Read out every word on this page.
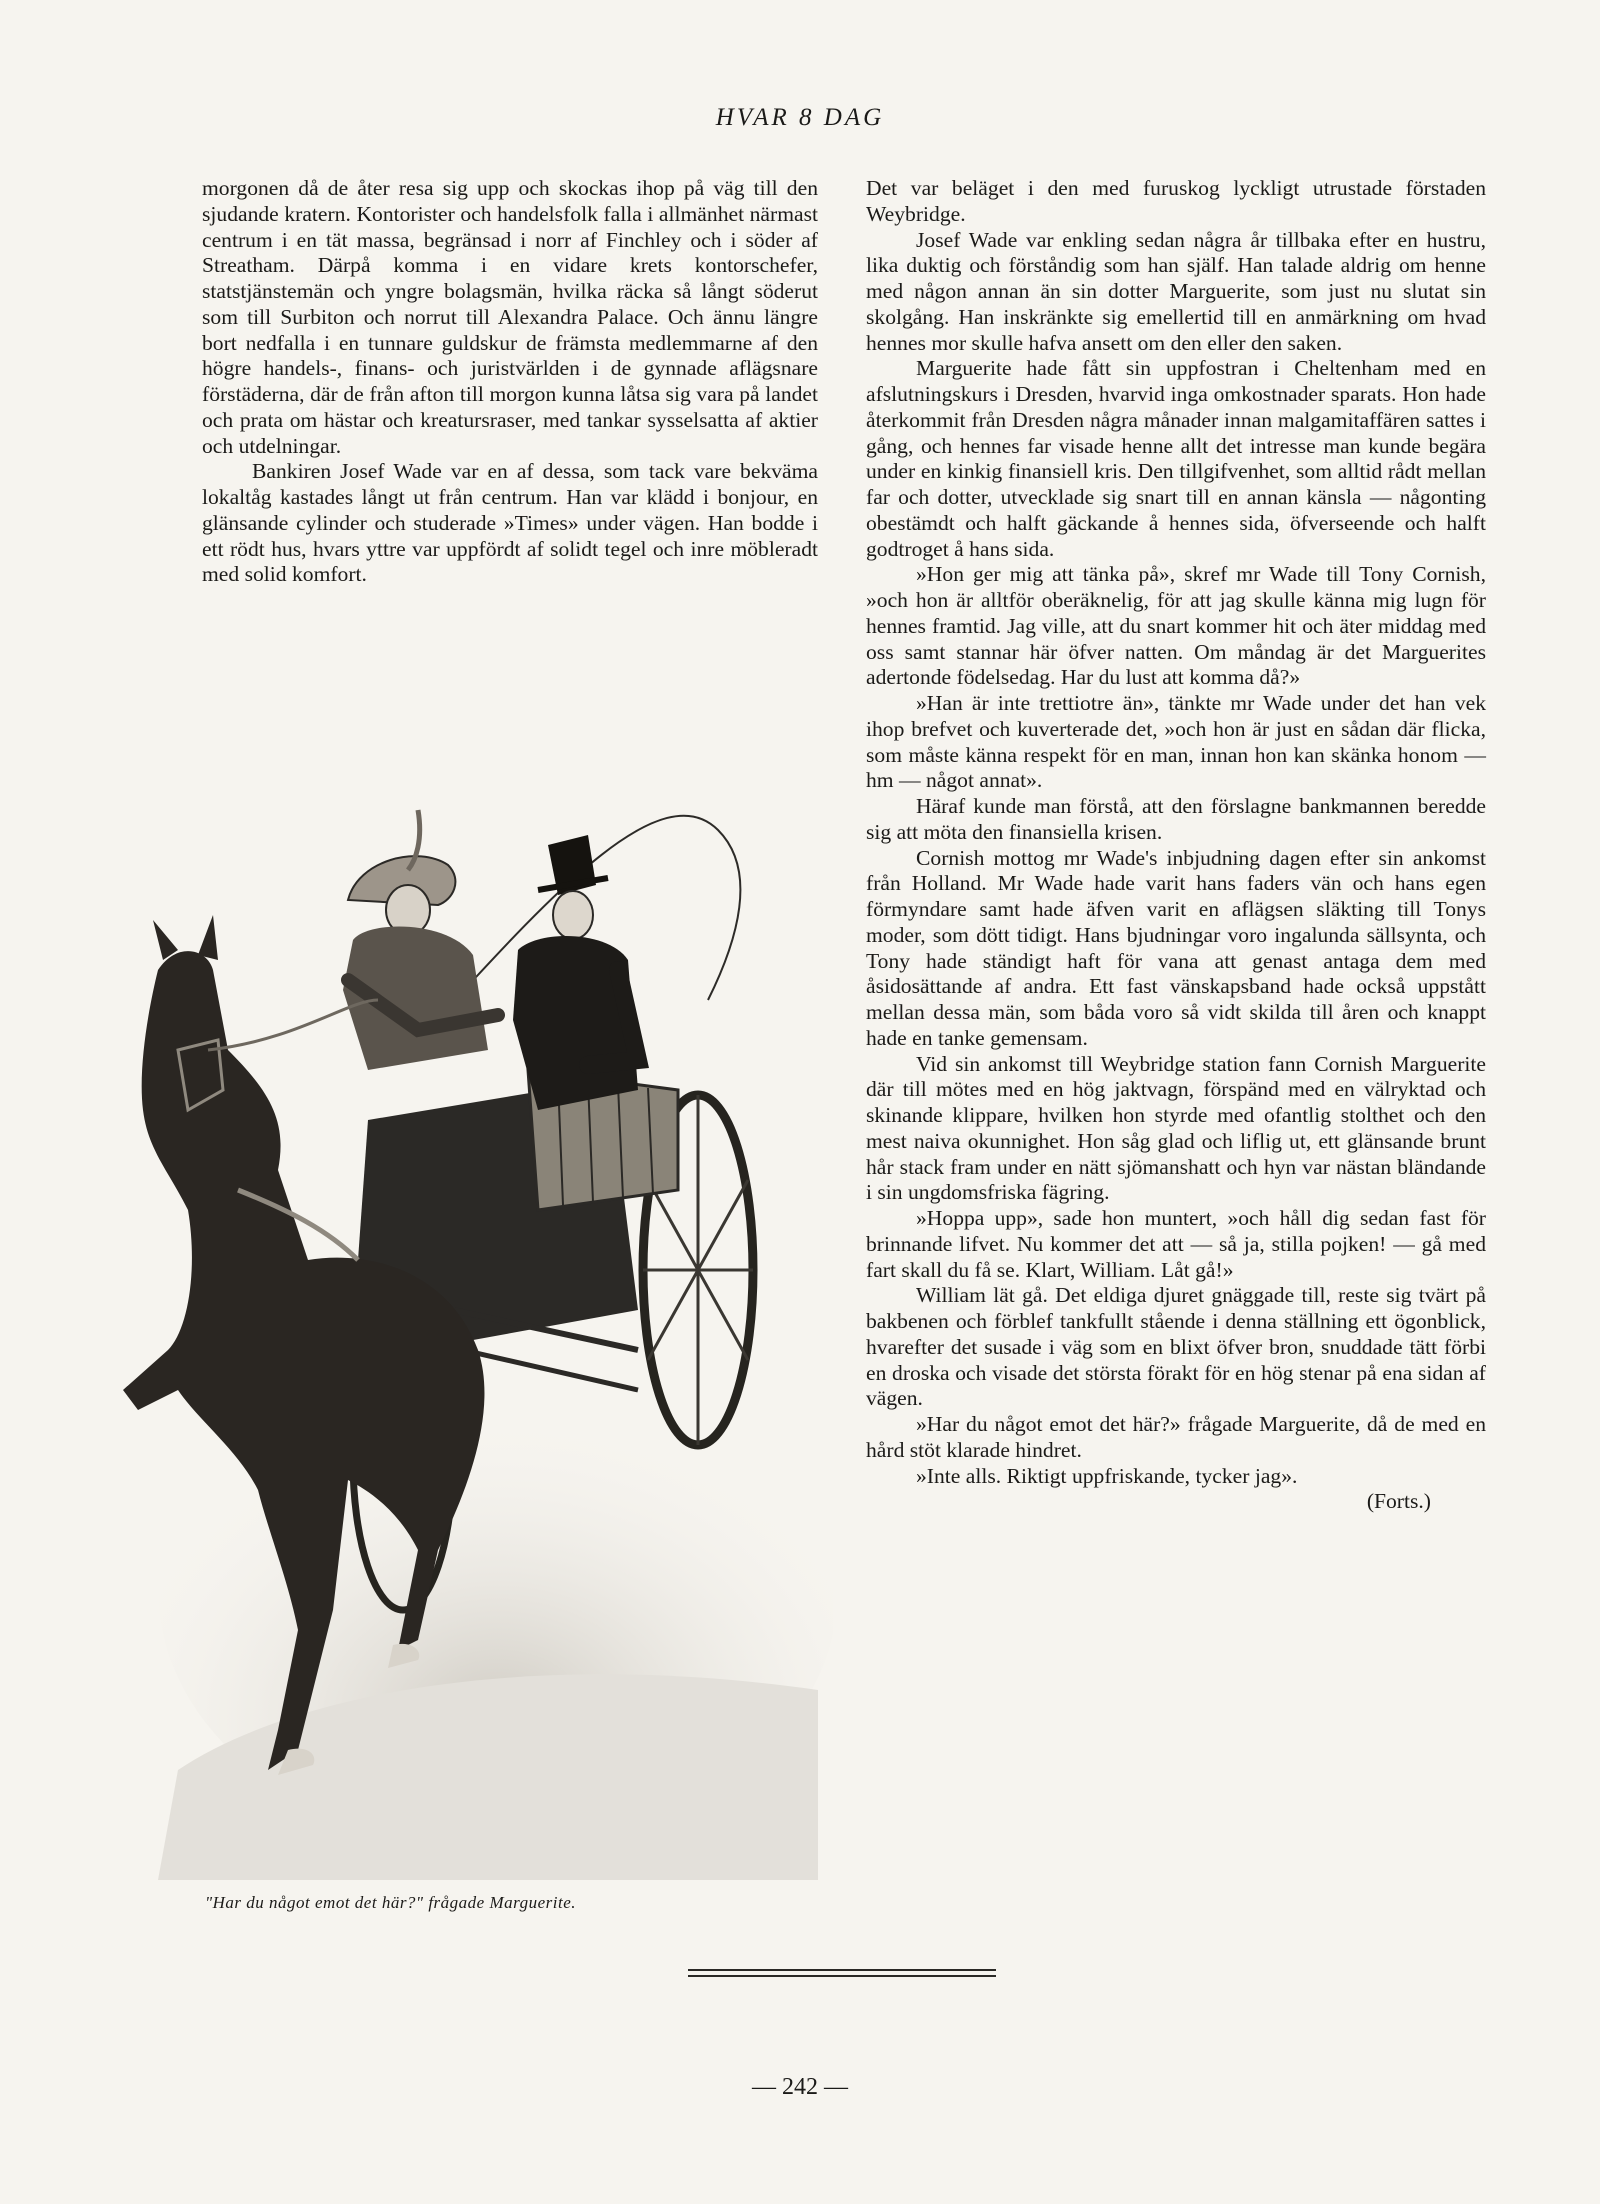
HVAR 8 DAG

morgonen då de åter resa sig upp och skockas ihop på väg till den sjudande kratern. Kontorister och handelsfolk falla i allmänhet närmast centrum i en tät massa, begränsad i norr af Finchley och i söder af Streatham. Därpå komma i en vidare krets kontorschefer, statstjänstemän och yngre bolagsmän, hvilka räcka så långt söderut som till Surbiton och norrut till Alexandra Palace. Och ännu längre bort nedfalla i en tunnare guldskur de främsta medlemmarne af den högre handels-, finans- och juristvärlden i de gynnade aflägsnare förstäderna, där de från afton till morgon kunna låtsa sig vara på landet och prata om hästar och kreatursraser, med tankar sysselsatta af aktier och utdelningar.

Bankiren Josef Wade var en af dessa, som tack vare bekväma lokaltåg kastades långt ut från centrum. Han var klädd i bonjour, en glänsande cylinder och studerade »Times» under vägen. Han bodde i ett rödt hus, hvars yttre var uppfördt af solidt tegel och inre möbleradt med solid komfort.

"Har du något emot det här?" frågade Marguerite.

Det var beläget i den med furuskog lyckligt utrustade förstaden Weybridge.

Josef Wade var enkling sedan några år tillbaka efter en hustru, lika duktig och förståndig som han själf. Han talade aldrig om henne med någon annan än sin dotter Marguerite, som just nu slutat sin skolgång. Han inskränkte sig emellertid till en anmärkning om hvad hennes mor skulle hafva ansett om den eller den saken.

Marguerite hade fått sin uppfostran i Cheltenham med en afslutningskurs i Dresden, hvarvid inga omkostnader sparats. Hon hade återkommit från Dresden några månader innan malgamitaffären sattes i gång, och hennes far visade henne allt det intresse man kunde begära under en kinkig finansiell kris. Den tillgifvenhet, som alltid rådt mellan far och dotter, utvecklade sig snart till en annan känsla — någonting obestämdt och halft gäckande å hennes sida, öfverseende och halft godtroget å hans sida.

»Hon ger mig att tänka på», skref mr Wade till Tony Cornish, »och hon är alltför oberäknelig, för att jag skulle känna mig lugn för hennes framtid. Jag ville, att du snart kommer hit och äter middag med oss samt stannar här öfver natten. Om måndag är det Marguerites adertonde födelsedag. Har du lust att komma då?»

»Han är inte trettiotre än», tänkte mr Wade under det han vek ihop brefvet och kuverterade det, »och hon är just en sådan där flicka, som måste känna respekt för en man, innan hon kan skänka honom — hm — något annat».

Häraf kunde man förstå, att den förslagne bankmannen beredde sig att möta den finansiella krisen.

Cornish mottog mr Wade's inbjudning dagen efter sin ankomst från Holland. Mr Wade hade varit hans faders vän och hans egen förmyndare samt hade äfven varit en aflägsen släkting till Tonys moder, som dött tidigt. Hans bjudningar voro ingalunda sällsynta, och Tony hade ständigt haft för vana att genast antaga dem med åsidosättande af andra. Ett fast vänskapsband hade också uppstått mellan dessa män, som båda voro så vidt skilda till åren och knappt hade en tanke gemensam.

Vid sin ankomst till Weybridge station fann Cornish Marguerite där till mötes med en hög jaktvagn, förspänd med en välryktad och skinande klippare, hvilken hon styrde med ofantlig stolthet och den mest naiva okunnighet. Hon såg glad och liflig ut, ett glänsande brunt hår stack fram under en nätt sjömanshatt och hyn var nästan bländande i sin ungdomsfriska fägring.

»Hoppa upp», sade hon muntert, »och håll dig sedan fast för brinnande lifvet. Nu kommer det att — så ja, stilla pojken! — gå med fart skall du få se. Klart, William. Låt gå!»

William lät gå. Det eldiga djuret gnäggade till, reste sig tvärt på bakbenen och förblef tankfullt stående i denna ställning ett ögonblick, hvarefter det susade i väg som en blixt öfver bron, snuddade tätt förbi en droska och visade det största förakt för en hög stenar på ena sidan af vägen.

»Har du något emot det här?» frågade Marguerite, då de med en hård stöt klarade hindret.

»Inte alls. Riktigt uppfriskande, tycker jag».

(Forts.)

— 242 —
